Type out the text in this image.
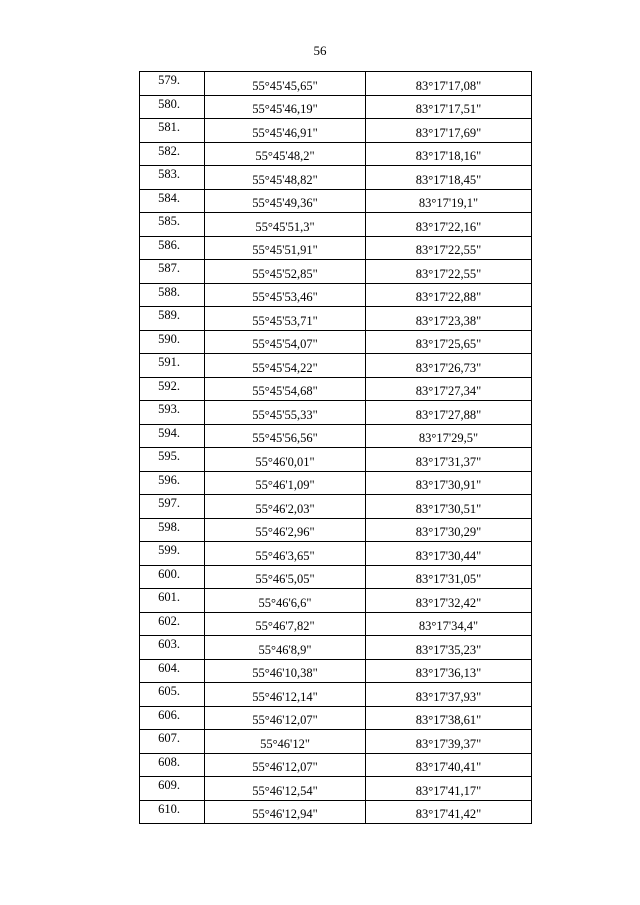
56
579.	55°45'45,65"	83°17'17,08"
580.	55°45'46,19"	83°17'17,51"
581.	55°45'46,91"	83°17'17,69"
582.	55°45'48,2"	83°17'18,16"
583.	55°45'48,82"	83°17'18,45"
584.	55°45'49,36"	83°17'19,1"
585.	55°45'51,3"	83°17'22,16"
586.	55°45'51,91"	83°17'22,55"
587.	55°45'52,85"	83°17'22,55"
588.	55°45'53,46"	83°17'22,88"
589.	55°45'53,71"	83°17'23,38"
590.	55°45'54,07"	83°17'25,65"
591.	55°45'54,22"	83°17'26,73"
592.	55°45'54,68"	83°17'27,34"
593.	55°45'55,33"	83°17'27,88"
594.	55°45'56,56"	83°17'29,5"
595.	55°46'0,01"	83°17'31,37"
596.	55°46'1,09"	83°17'30,91"
597.	55°46'2,03"	83°17'30,51"
598.	55°46'2,96"	83°17'30,29"
599.	55°46'3,65"	83°17'30,44"
600.	55°46'5,05"	83°17'31,05"
601.	55°46'6,6"	83°17'32,42"
602.	55°46'7,82"	83°17'34,4"
603.	55°46'8,9"	83°17'35,23"
604.	55°46'10,38"	83°17'36,13"
605.	55°46'12,14"	83°17'37,93"
606.	55°46'12,07"	83°17'38,61"
607.	55°46'12"	83°17'39,37"
608.	55°46'12,07"	83°17'40,41"
609.	55°46'12,54"	83°17'41,17"
610.	55°46'12,94"	83°17'41,42"
